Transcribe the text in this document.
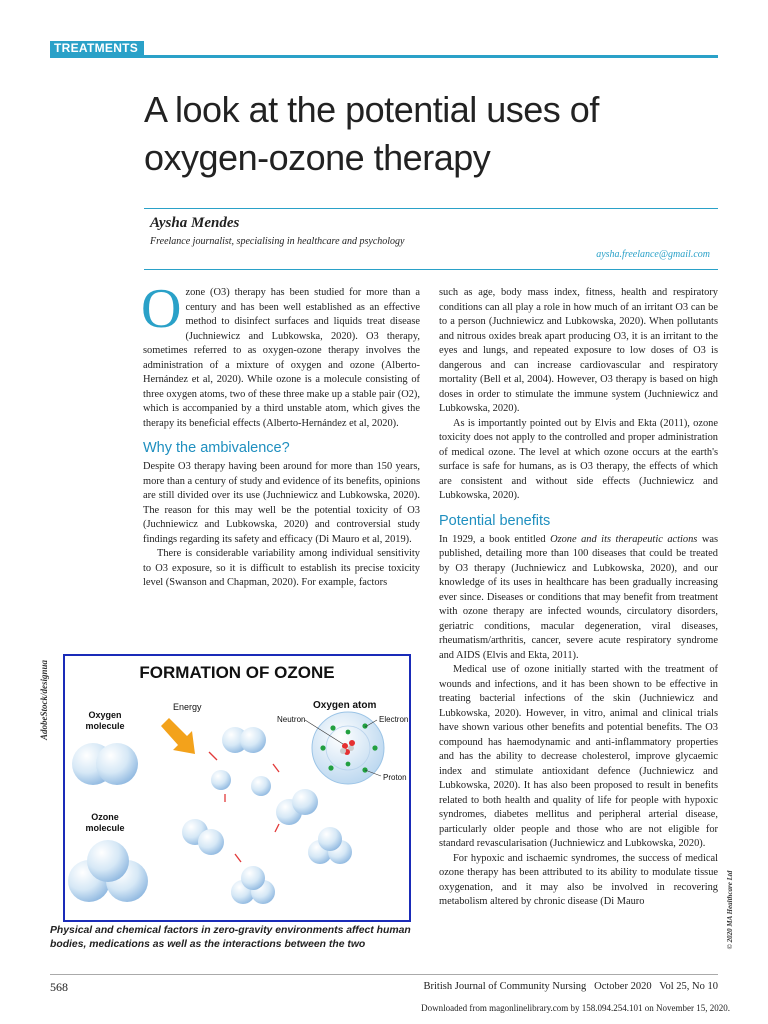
TREATMENTS
A look at the potential uses of oxygen-ozone therapy
Aysha Mendes
Freelance journalist, specialising in healthcare and psychology
aysha.freelance@gmail.com

Ozone (O3) therapy has been studied for more than a century and has been well established as an effective method to disinfect surfaces and liquids treat disease (Juchniewicz and Lubkowska, 2020). O3 therapy, sometimes referred to as oxygen-ozone therapy involves the administration of a mixture of oxygen and ozone (Alberto-Hernández et al, 2020). While ozone is a molecule consisting of three oxygen atoms, two of these three make up a stable pair (O2), which is accompanied by a third unstable atom, which gives the therapy its beneficial effects (Alberto-Hernández et al, 2020).

Why the ambivalence?

Despite O3 therapy having been around for more than 150 years, more than a century of study and evidence of its benefits, opinions are still divided over its use (Juchniewicz and Lubkowska, 2020). The reason for this may well be the potential toxicity of O3 (Juchniewicz and Lubkowska, 2020) and controversial study findings regarding its safety and efficacy (Di Mauro et al, 2019).

There is considerable variability among individual sensitivity to O3 exposure, so it is difficult to establish its precise toxicity level (Swanson and Chapman, 2020). For example, factors

such as age, body mass index, fitness, health and respiratory conditions can all play a role in how much of an irritant O3 can be to a person (Juchniewicz and Lubkowska, 2020). When pollutants and nitrous oxides break apart producing O3, it is an irritant to the eyes and lungs, and repeated exposure to low doses of O3 is dangerous and can increase cardiovascular and respiratory mortality (Bell et al, 2004). However, O3 therapy is based on high doses in order to stimulate the immune system (Juchniewicz and Lubkowska, 2020).

As is importantly pointed out by Elvis and Ekta (2011), ozone toxicity does not apply to the controlled and proper administration of medical ozone. The level at which ozone occurs at the earth's surface is safe for humans, as is O3 therapy, the effects of which are consistent and without side effects (Juchniewicz and Lubkowska, 2020).

Potential benefits

In 1929, a book entitled Ozone and its therapeutic actions was published, detailing more than 100 diseases that could be treated by O3 therapy (Juchniewicz and Lubkowska, 2020), and our knowledge of its uses in healthcare has been gradually increasing ever since. Diseases or conditions that may benefit from treatment with ozone therapy are infected wounds, circulatory disorders, geriatric conditions, macular degeneration, viral diseases, rheumatism/arthritis, cancer, severe acute respiratory syndrome and AIDS (Elvis and Ekta, 2011).

Medical use of ozone initially started with the treatment of wounds and infections, and it has been shown to be effective in treating bacterial infections of the skin (Juchniewicz and Lubkowska, 2020). However, in vitro, animal and clinical trials have shown various other benefits and potential benefits. The O3 compound has haemodynamic and anti-inflammatory properties and has the ability to decrease cholesterol, improve glycaemic index and stimulate antioxidant defence (Juchniewicz and Lubkowska, 2020). It has also been proposed to result in benefits related to both health and quality of life for people with hypoxic syndromes, diabetes mellitus and peripheral arterial disease, particularly older people and those who are not eligible for standard revascularisation (Juchniewicz and Lubkowska, 2020).

For hypoxic and ischaemic syndromes, the success of medical ozone therapy has been attributed to its ability to modulate tissue oxygenation, and it may also be involved in recovering metabolism altered by chronic disease (Di Mauro

AdobeStock/designua	FORMATION OF OZONE
Oxygen
molecule
Ozone
molecule
Energy	Oxygen atom
Neutron	Electron
Proton
Physical and chemical factors in zero-gravity environments affect human bodies, medications as well as the interactions between the two	© 2020 MA Healthcare Ltd
568	British Journal of Community Nursing   October 2020   Vol 25, No 10
Downloaded from magonlinelibrary.com by 158.094.254.101 on November 15, 2020.
